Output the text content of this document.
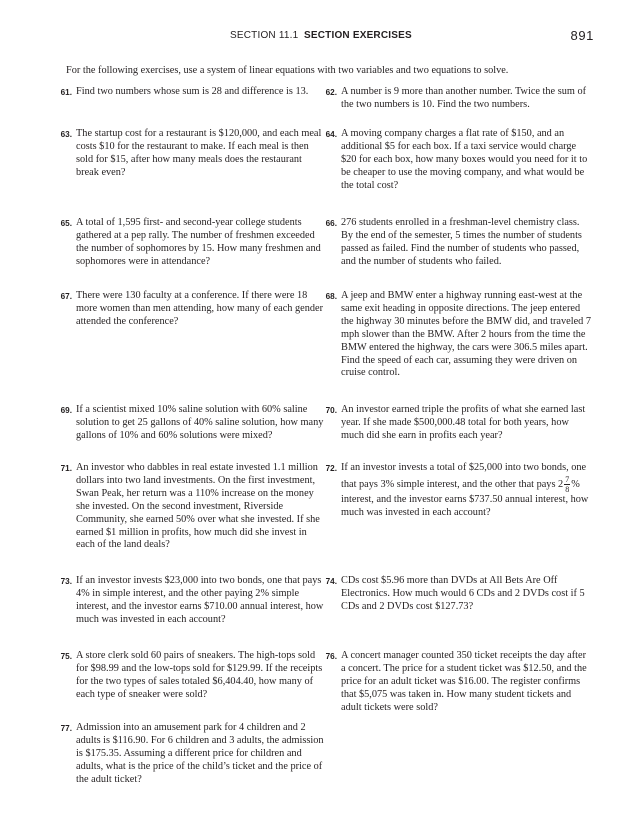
SECTION 11.1 SECTION EXERCISES	891
For the following exercises, use a system of linear equations with two variables and two equations to solve.
61. Find two numbers whose sum is 28 and difference is 13.	62. A number is 9 more than another number. Twice the sum of the two numbers is 10. Find the two numbers.
63. The startup cost for a restaurant is $120,000, and each meal costs $10 for the restaurant to make. If each meal is then sold for $15, after how many meals does the restaurant break even?
64. A moving company charges a flat rate of $150, and an additional $5 for each box. If a taxi service would charge $20 for each box, how many boxes would you need for it to be cheaper to use the moving company, and what would be the total cost?
65. A total of 1,595 first- and second-year college students gathered at a pep rally. The number of freshmen exceeded the number of sophomores by 15. How many freshmen and sophomores were in attendance?
66. 276 students enrolled in a freshman-level chemistry class. By the end of the semester, 5 times the number of students passed as failed. Find the number of students who passed, and the number of students who failed.
67. There were 130 faculty at a conference. If there were 18 more women than men attending, how many of each gender attended the conference?
68. A jeep and BMW enter a highway running east-west at the same exit heading in opposite directions. The jeep entered the highway 30 minutes before the BMW did, and traveled 7 mph slower than the BMW. After 2 hours from the time the BMW entered the highway, the cars were 306.5 miles apart. Find the speed of each car, assuming they were driven on cruise control.
69. If a scientist mixed 10% saline solution with 60% saline solution to get 25 gallons of 40% saline solution, how many gallons of 10% and 60% solutions were mixed?
70. An investor earned triple the profits of what she earned last year. If she made $500,000.48 total for both years, how much did she earn in profits each year?
71. An investor who dabbles in real estate invested 1.1 million dollars into two land investments. On the first investment, Swan Peak, her return was a 110% increase on the money she invested. On the second investment, Riverside Community, she earned 50% over what she invested. If she earned $1 million in profits, how much did she invest in each of the land deals?
72. If an investor invests a total of $25,000 into two bonds, one that pays 3% simple interest, and the other that pays $2 \frac{7}{8}$ % interest, and the investor earns $737.50 annual interest, how much was invested in each account?
73. If an investor invests $23,000 into two bonds, one that pays 4% in simple interest, and the other paying 2% simple interest, and the investor earns $710.00 annual interest, how much was invested in each account?
74. CDs cost $5.96 more than DVDs at All Bets Are Off Electronics. How much would 6 CDs and 2 DVDs cost if 5 CDs and 2 DVDs cost $127.73?
75. A store clerk sold 60 pairs of sneakers. The high-tops sold for $98.99 and the low-tops sold for $129.99. If the receipts for the two types of sales totaled $6,404.40, how many of each type of sneaker were sold?
76. A concert manager counted 350 ticket receipts the day after a concert. The price for a student ticket was $12.50, and the price for an adult ticket was $16.00. The register confirms that $5,075 was taken in. How many student tickets and adult tickets were sold?
77. Admission into an amusement park for 4 children and 2 adults is $116.90. For 6 children and 3 adults, the admission is $175.35. Assuming a different price for children and adults, what is the price of the child’s ticket and the price of the adult ticket?
